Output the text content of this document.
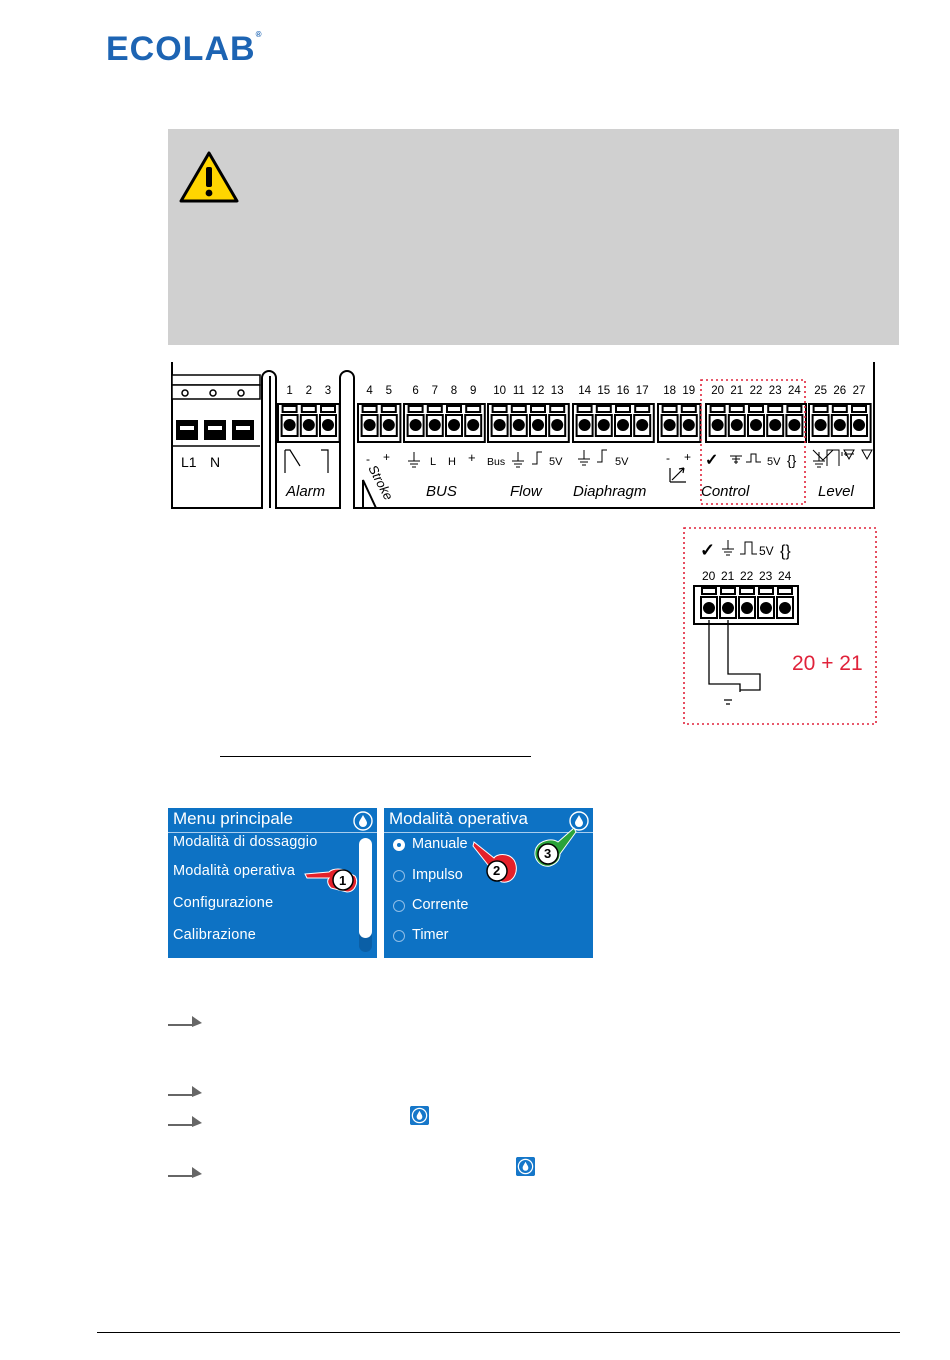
ECOLAB®
L1 N
1 2 3	4 5 6 7 8 9 10 11 12 13 14 15 16 17 18 19 20 21 22 23 24 25 26 27
Alarm
- +
Stroke
L H +
BUS
Bus	5V
Flow
5V
Diaphragm
- + ✓	5V {}
Control	Level
✓	5V {}
20 21 22 23 24
20 + 21
Menu principale
Modalità di dossaggio
Modalità operativa
Configurazione
Calibrazione
1
Modalità operativa
Manuale
Impulso
Corrente
Timer
2
3
